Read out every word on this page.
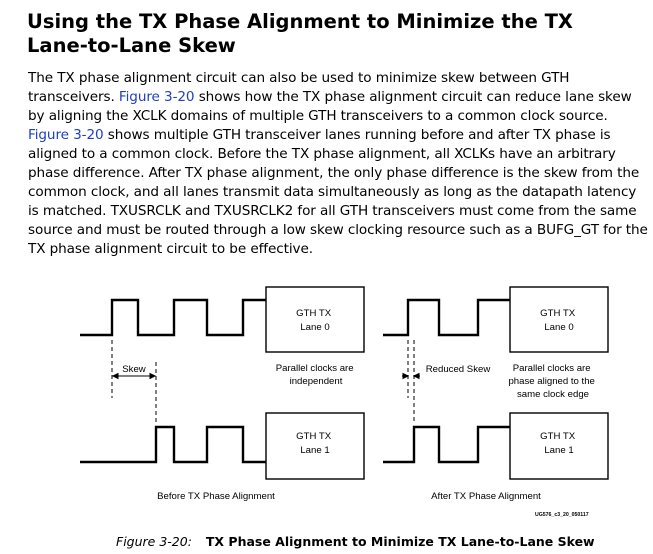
Using the TX Phase Alignment to Minimize the TX Lane-to-Lane Skew

The TX phase alignment circuit can also be used to minimize skew between GTH transceivers. Figure 3-20 shows how the TX phase alignment circuit can reduce lane skew by aligning the XCLK domains of multiple GTH transceivers to a common clock source. Figure 3-20 shows multiple GTH transceiver lanes running before and after TX phase is aligned to a common clock. Before the TX phase alignment, all XCLKs have an arbitrary phase difference. After TX phase alignment, the only phase difference is the skew from the common clock, and all lanes transmit data simultaneously as long as the datapath latency is matched. TXUSRCLK and TXUSRCLK2 for all GTH transceivers must come from the same source and must be routed through a low skew clocking resource such as a BUFG_GT for the TX phase alignment circuit to be effective.

GTH TX Lane 0
GTH TX Lane 1
GTH TX Lane 0
GTH TX Lane 1
Skew	Reduced Skew
Parallel clocks are independent
Parallel clocks are phase aligned to the same clock edge
Before TX Phase Alignment	After TX Phase Alignment
UG576_c3_20_050117

Figure 3-20: TX Phase Alignment to Minimize TX Lane-to-Lane Skew
